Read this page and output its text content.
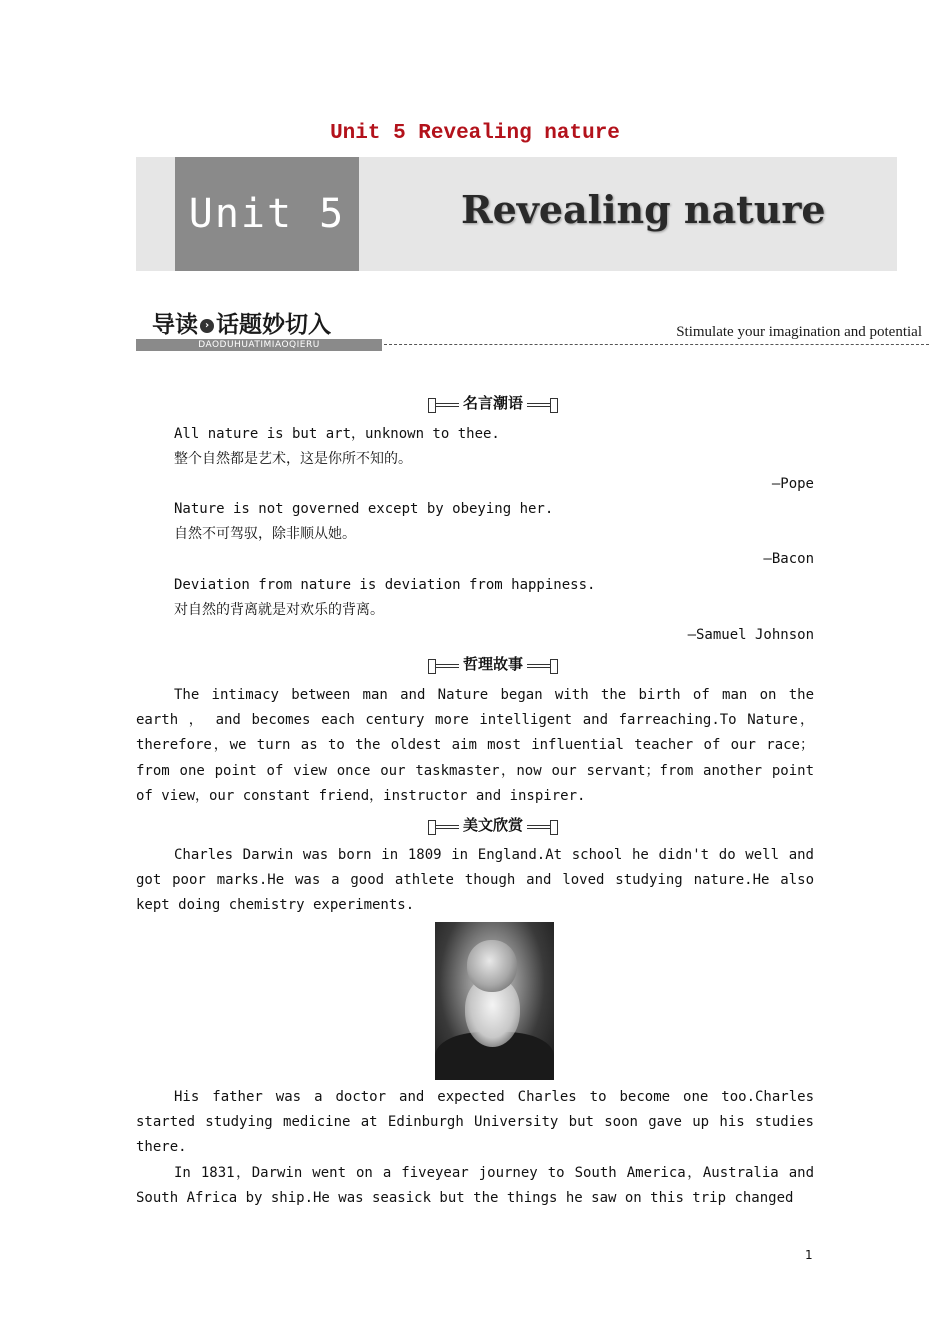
Unit 5 Revealing nature
Unit 5	Revealing nature
导读 › 话题妙切入
DAODUHUATIMIAOQIERU
Stimulate your imagination and potential
名言潮语
All nature is but art，unknown to thee.
整个自然都是艺术，这是你所不知的。
—Pope
Nature is not governed except by obeying her.
自然不可驾驭，除非顺从她。
—Bacon
Deviation from nature is deviation from happiness.
对自然的背离就是对欢乐的背离。
—Samuel Johnson
哲理故事
The intimacy between man and Nature began with the birth of man on the earth ， and becomes each century more intelligent and farreaching.To Nature，therefore，we turn as to the oldest aim most influential teacher of our race；from one point of view once our taskmaster，now our servant；from another point of view，our constant friend，instructor and inspirer.
美文欣赏
Charles Darwin was born in 1809 in England.At school he didn't do well and got poor marks.He was a good athlete though and loved studying nature.He also kept doing chemistry experiments.
His father was a doctor and expected Charles to become one too.Charles started studying medicine at Edinburgh University but soon gave up his studies there.
In 1831，Darwin went on a fiveyear journey to South America，Australia and South Africa by ship.He was seasick but the things he saw on this trip changed
1
